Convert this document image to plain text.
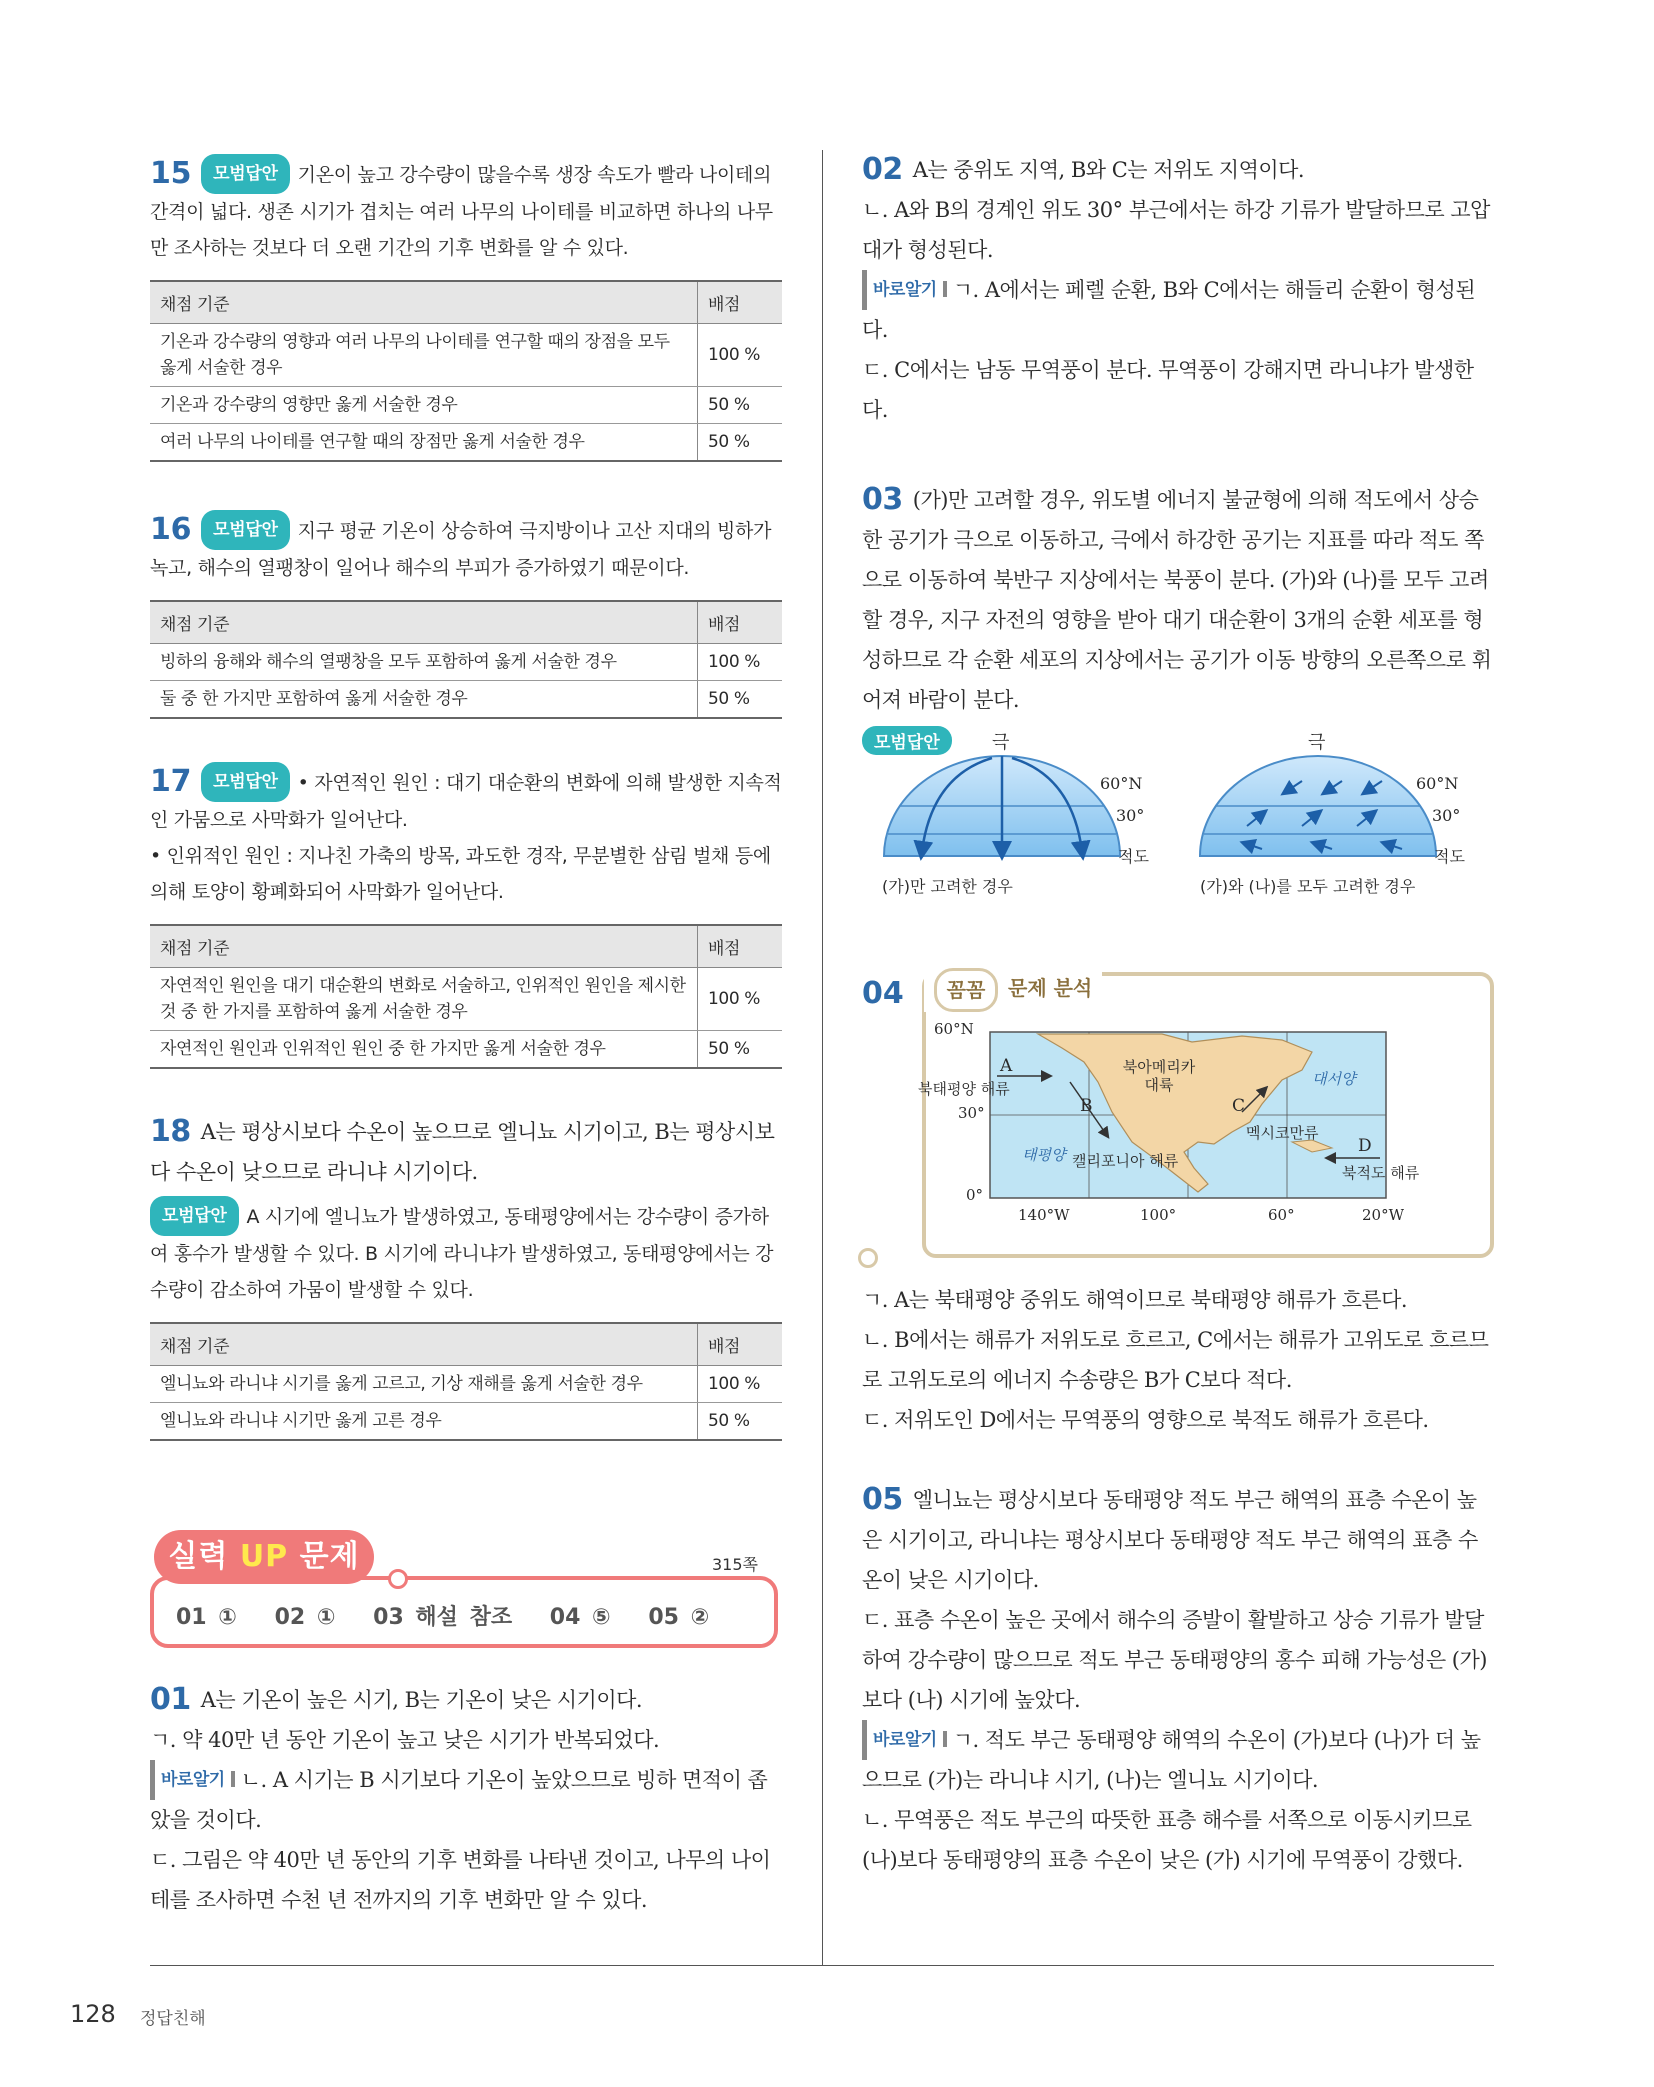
128 정답친해

15 모범답안 기온이 높고 강수량이 많을수록 생장 속도가 빨라 나이테의 간격이 넓다. 생존 시기가 겹치는 여러 나무의 나이테를 비교하면 하나의 나무만 조사하는 것보다 더 오랜 기간의 기후 변화를 알 수 있다.

채점 기준	배점
기온과 강수량의 영향과 여러 나무의 나이테를 연구할 때의 장점을 모두 옳게 서술한 경우	100 %
기온과 강수량의 영향만 옳게 서술한 경우	50 %
여러 나무의 나이테를 연구할 때의 장점만 옳게 서술한 경우	50 %

16 모범답안 지구 평균 기온이 상승하여 극지방이나 고산 지대의 빙하가 녹고, 해수의 열팽창이 일어나 해수의 부피가 증가하였기 때문이다.

채점 기준	배점
빙하의 융해와 해수의 열팽창을 모두 포함하여 옳게 서술한 경우	100 %
둘 중 한 가지만 포함하여 옳게 서술한 경우	50 %

17 모범답안 • 자연적인 원인 : 대기 대순환의 변화에 의해 발생한 지속적인 가뭄으로 사막화가 일어난다.

• 인위적인 원인 : 지나친 가축의 방목, 과도한 경작, 무분별한 삼림 벌채 등에 의해 토양이 황폐화되어 사막화가 일어난다.

채점 기준	배점
자연적인 원인을 대기 대순환의 변화로 서술하고, 인위적인 원인을 제시한 것 중 한 가지를 포함하여 옳게 서술한 경우	100 %
자연적인 원인과 인위적인 원인 중 한 가지만 옳게 서술한 경우	50 %

18 A는 평상시보다 수온이 높으므로 엘니뇨 시기이고, B는 평상시보다 수온이 낮으므로 라니냐 시기이다.

모범답안 A 시기에 엘니뇨가 발생하였고, 동태평양에서는 강수량이 증가하여 홍수가 발생할 수 있다. B 시기에 라니냐가 발생하였고, 동태평양에서는 강수량이 감소하여 가뭄이 발생할 수 있다.

채점 기준	배점
엘니뇨와 라니냐 시기를 옳게 고르고, 기상 재해를 옳게 서술한 경우	100 %
엘니뇨와 라니냐 시기만 옳게 고른 경우	50 %
실력 UP 문제	315쪽
01 ① 02 ① 03 해설 참조 04 ⑤ 05 ②

01 A는 기온이 높은 시기, B는 기온이 낮은 시기이다.

ㄱ. 약 40만 년 동안 기온이 높고 낮은 시기가 반복되었다.

바로알기 ㄴ. A 시기는 B 시기보다 기온이 높았으므로 빙하 면적이 좁았을 것이다.

ㄷ. 그림은 약 40만 년 동안의 기후 변화를 나타낸 것이고, 나무의 나이테를 조사하면 수천 년 전까지의 기후 변화만 알 수 있다.

02 A는 중위도 지역, B와 C는 저위도 지역이다.

ㄴ. A와 B의 경계인 위도 30° 부근에서는 하강 기류가 발달하므로 고압대가 형성된다.

바로알기 ㄱ. A에서는 페렐 순환, B와 C에서는 해들리 순환이 형성된다.

ㄷ. C에서는 남동 무역풍이 분다. 무역풍이 강해지면 라니냐가 발생한다.

03 (가)만 고려할 경우, 위도별 에너지 불균형에 의해 적도에서 상승한 공기가 극으로 이동하고, 극에서 하강한 공기는 지표를 따라 적도 쪽으로 이동하여 북반구 지상에서는 북풍이 분다. (가)와 (나)를 모두 고려할 경우, 지구 자전의 영향을 받아 대기 대순환이 3개의 순환 세포를 형성하므로 각 순환 세포의 지상에서는 공기가 이동 방향의 오른쪽으로 휘어져 바람이 분다.

모범답안	극	극
60°N	60°N
30°	30°
적도	적도
(가)만 고려한 경우	(가)와 (나)를 모두 고려한 경우
04	꼼꼼 문제 분석
60°N
30°
0°
140°W	100°	60°	20°W
A
B	C
D
북아메리카 대륙
북태평양 해류
대서양
멕시코만류
태평양 캘리포니아 해류
북적도 해류

ㄱ. A는 북태평양 중위도 해역이므로 북태평양 해류가 흐른다.

ㄴ. B에서는 해류가 저위도로 흐르고, C에서는 해류가 고위도로 흐르므로 고위도로의 에너지 수송량은 B가 C보다 적다.

ㄷ. 저위도인 D에서는 무역풍의 영향으로 북적도 해류가 흐른다.

05 엘니뇨는 평상시보다 동태평양 적도 부근 해역의 표층 수온이 높은 시기이고, 라니냐는 평상시보다 동태평양 적도 부근 해역의 표층 수온이 낮은 시기이다.

ㄷ. 표층 수온이 높은 곳에서 해수의 증발이 활발하고 상승 기류가 발달하여 강수량이 많으므로 적도 부근 동태평양의 홍수 피해 가능성은 (가)보다 (나) 시기에 높았다.

바로알기 ㄱ. 적도 부근 동태평양 해역의 수온이 (가)보다 (나)가 더 높으므로 (가)는 라니냐 시기, (나)는 엘니뇨 시기이다.

ㄴ. 무역풍은 적도 부근의 따뜻한 표층 해수를 서쪽으로 이동시키므로 (나)보다 동태평양의 표층 수온이 낮은 (가) 시기에 무역풍이 강했다.
